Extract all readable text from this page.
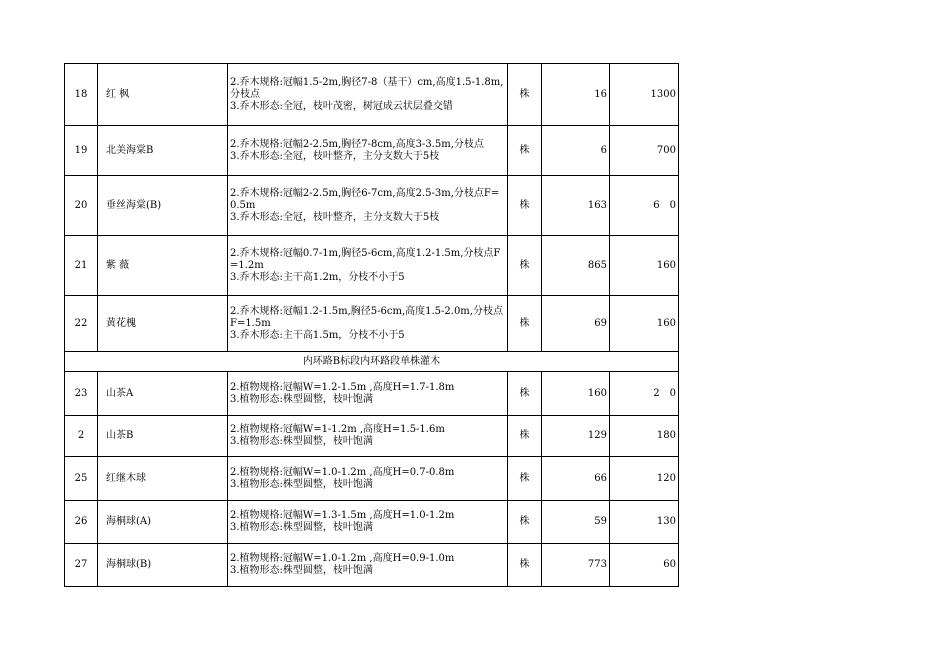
18	红 枫	2.乔木规格:冠幅1.5-2m,胸径7-8（基干）cm,高度1.5-1.8m,分枝点
3.乔木形态:全冠，枝叶茂密，树冠成云状层叠交错	株	16	1300
19	北美海棠B	2.乔木规格:冠幅2-2.5m,胸径7-8cm,高度3-3.5m,分枝点
3.乔木形态:全冠，枝叶整齐，主分支数大于5枝	株	6	700
20	垂丝海棠(B)	2.乔木规格:冠幅2-2.5m,胸径6-7cm,高度2.5-3m,分枝点F=0.5m
3.乔木形态:全冠，枝叶整齐，主分支数大于5枝	株	163	6　0
21	紫 薇	2.乔木规格:冠幅0.7-1m,胸径5-6cm,高度1.2-1.5m,分枝点F=1.2m
3.乔木形态:主干高1.2m，分枝不小于5	株	865	160
22	黄花槐	2.乔木规格:冠幅1.2-1.5m,胸径5-6cm,高度1.5-2.0m,分枝点F=1.5m
3.乔木形态:主干高1.5m，分枝不小于5	株	69	160
内环路B标段内环路段单株灌木					
23	山茶A	2.植物规格:冠幅W=1.2-1.5m ,高度H=1.7-1.8m
3.植物形态:株型圆整，枝叶饱满	株	160	2　0
2	山茶B	2.植物规格:冠幅W=1-1.2m ,高度H=1.5-1.6m
3.植物形态:株型圆整，枝叶饱满	株	129	180
25	红继木球	2.植物规格:冠幅W=1.0-1.2m ,高度H=0.7-0.8m
3.植物形态:株型圆整，枝叶饱满	株	66	120
26	海桐球(A)	2.植物规格:冠幅W=1.3-1.5m ,高度H=1.0-1.2m
3.植物形态:株型圆整，枝叶饱满	株	59	130
27	海桐球(B)	2.植物规格:冠幅W=1.0-1.2m ,高度H=0.9-1.0m
3.植物形态:株型圆整，枝叶饱满	株	773	60
